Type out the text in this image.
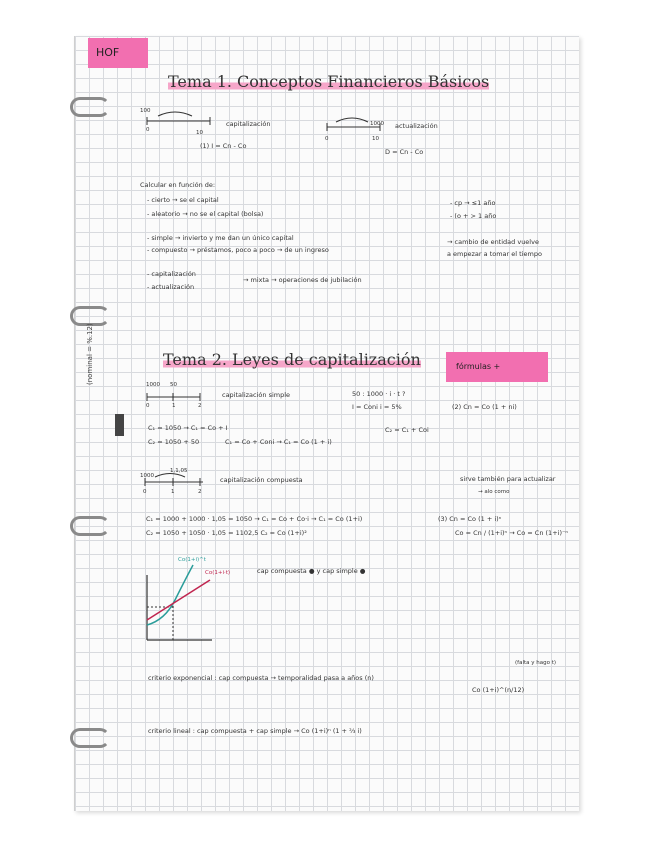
HOF
Tema 1. Conceptos Financieros Básicos
100
0	10
capitalización
(1) I = Cn - Co
1000
0	10
actualización
D = Cn - Co
Calcular en función de:
- cierto → se el capital
- aleatorio → no se el capital (bolsa)
- simple → invierto y me dan un único capital
- compuesto → préstamos, poco a poco → de un ingreso
- capitalización
- actualización
→ mixta → operaciones de jubilación
- cp → ≤1 año
- (o + > 1 año
→ cambio de entidad vuelve
a empezar a tomar el tiempo
Tema 2. Leyes de capitalización	fórmulas +
(nominal = %.12)	1000 50
0	1	2
capitalización simple	50 : 1000 · i · t ?
I = Coni i = 5%	(2) Cn = Co (1 + ni)
C₁ = 1050 → C₁ = Co + I
C₂ = 1050 + 50	C₁ = Co + Coni → C₁ = Co (1 + i)
C₂ = C₁ + Coi
1000
1,1,05
0	1	2
capitalización compuesta	sirve también para actualizar
→ alo como
C₁ = 1000 + 1000 · 1,05 = 1050 → C₁ = Co + Co·i → C₁ = Co (1+i)
C₂ = 1050 + 1050 · 1,05 = 1102,5 C₂ = Co (1+i)²
(3) Cn = Co (1 + i)ⁿ
Co = Cn / (1+i)ⁿ → Co = Cn (1+i)⁻ⁿ
Co(1+i)^t
Co(1+i·t)	cap compuesta ● y cap simple ●
criterio exponencial : cap compuesta → temporalidad pasa a años (n)
(falta y hago t)
Co (1+i)^(n/12)
criterio lineal : cap compuesta + cap simple → Co (1+i)ⁿ (1 + ⅔ i)
